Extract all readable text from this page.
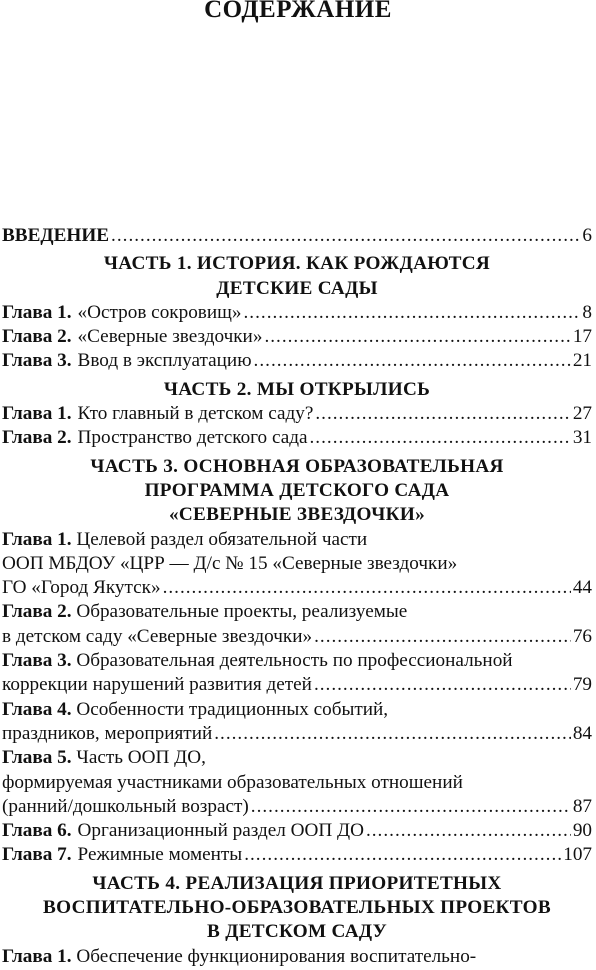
СОДЕРЖАНИЕ
ВВЕДЕНИЕ .....	6
ЧАСТЬ 1. ИСТОРИЯ. КАК РОЖДАЮТСЯ
ДЕТСКИЕ САДЫ
Глава 1. «Остров сокровищ» .....	8
Глава 2. «Северные звездочки» .....	17
Глава 3. Ввод в эксплуатацию .....	21
ЧАСТЬ 2. МЫ ОТКРЫЛИСЬ
Глава 1. Кто главный в детском саду? .....	27
Глава 2. Пространство детского сада .....	31
ЧАСТЬ 3. ОСНОВНАЯ ОБРАЗОВАТЕЛЬНАЯ
ПРОГРАММА ДЕТСКОГО САДА
«СЕВЕРНЫЕ ЗВЕЗДОЧКИ»
Глава 1. Целевой раздел обязательной части
ООП МБДОУ «ЦРР — Д/с № 15 «Северные звездочки»
ГО «Город Якутск» .....	44
Глава 2. Образовательные проекты, реализуемые
в детском саду «Северные звездочки» .....	76
Глава 3. Образовательная деятельность по профессиональной
коррекции нарушений развития детей .....	79
Глава 4. Особенности традиционных событий,
праздников, мероприятий .....	84
Глава 5. Часть ООП ДО,
формируемая участниками образовательных отношений
(ранний/дошкольный возраст) .....	87
Глава 6. Организационный раздел ООП ДО .....	90
Глава 7. Режимные моменты .....	107
ЧАСТЬ 4. РЕАЛИЗАЦИЯ ПРИОРИТЕТНЫХ
ВОСПИТАТЕЛЬНО-ОБРАЗОВАТЕЛЬНЫХ ПРОЕКТОВ
В ДЕТСКОМ САДУ
Глава 1. Обеспечение функционирования воспитательно-
